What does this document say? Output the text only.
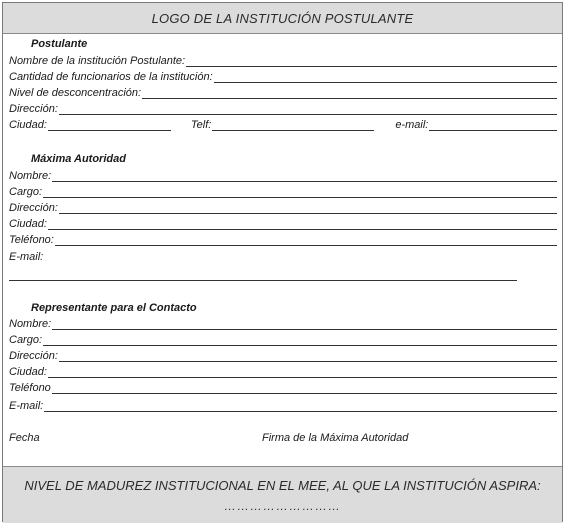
LOGO DE LA INSTITUCIÓN POSTULANTE
Postulante
Nombre de la institución Postulante:
Cantidad de funcionarios de la institución:
Nivel de desconcentración:
Dirección:
Ciudad:	Telf:	e-mail:
Máxima Autoridad
Nombre:
Cargo:
Dirección:
Ciudad:
Teléfono:
E-mail:
Representante para el Contacto
Nombre:
Cargo:
Dirección:
Ciudad:
Teléfono
E-mail:
Fecha	Firma de la Máxima Autoridad
NIVEL DE MADUREZ INSTITUCIONAL EN EL MEE, AL QUE LA INSTITUCIÓN ASPIRA:
………………………
